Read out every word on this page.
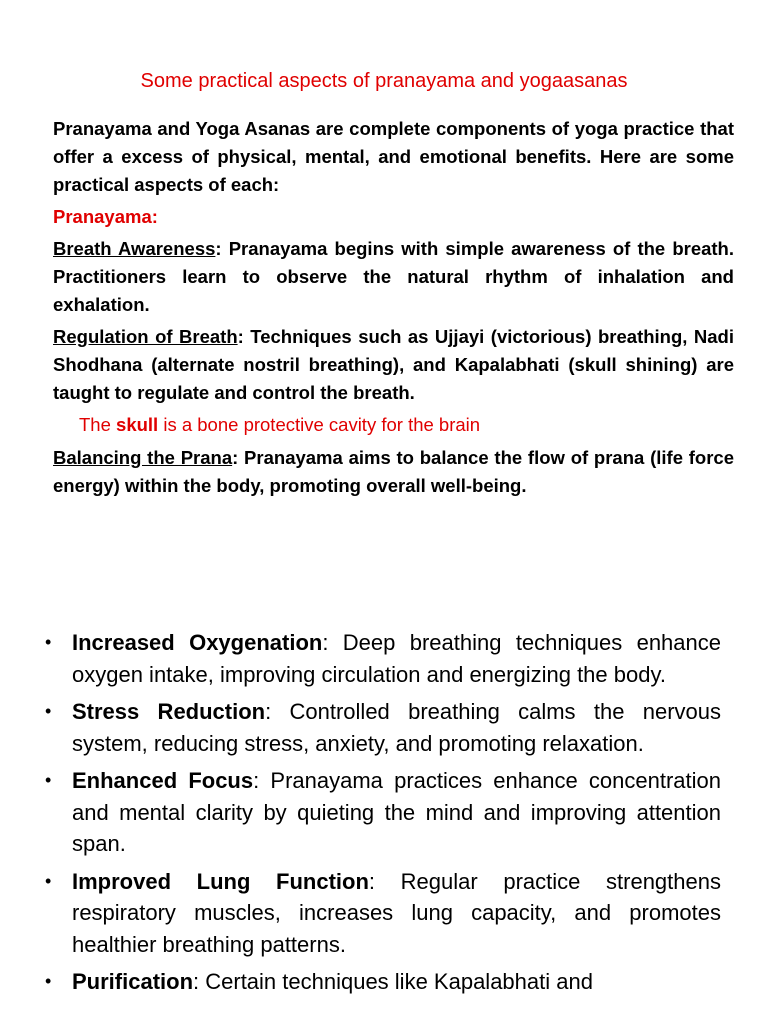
Some practical aspects of pranayama and yogaasanas

Pranayama and Yoga Asanas are complete components of yoga practice that offer a excess of physical, mental, and emotional benefits. Here are some practical aspects of each:

Pranayama:

Breath Awareness: Pranayama begins with simple awareness of the breath. Practitioners learn to observe the natural rhythm of inhalation and exhalation.

Regulation of Breath: Techniques such as Ujjayi (victorious) breathing, Nadi Shodhana (alternate nostril breathing), and Kapalabhati (skull shining) are taught to regulate and control the breath.

The skull is a bone protective cavity for the brain

Balancing the Prana: Pranayama aims to balance the flow of prana (life force energy) within the body, promoting overall well-being.

• Increased Oxygenation: Deep breathing techniques enhance oxygen intake, improving circulation and energizing the body.
• Stress Reduction: Controlled breathing calms the nervous system, reducing stress, anxiety, and promoting relaxation.
• Enhanced Focus: Pranayama practices enhance concentration and mental clarity by quieting the mind and improving attention span.
• Improved Lung Function: Regular practice strengthens respiratory muscles, increases lung capacity, and promotes healthier breathing patterns.
• Purification: Certain techniques like Kapalabhati and
